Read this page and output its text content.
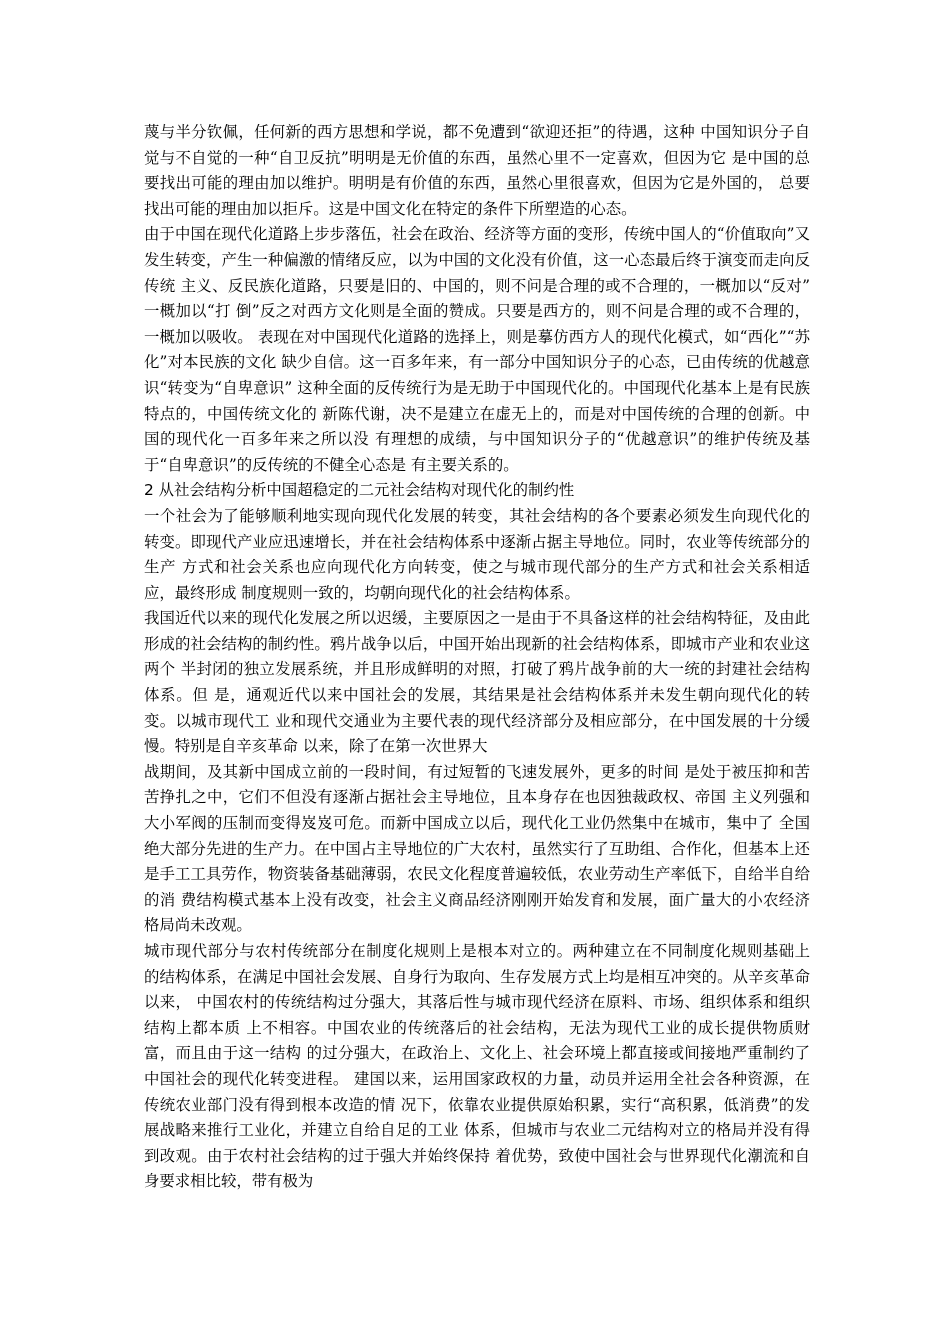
蔑与半分钦佩，任何新的西方思想和学说，都不免遭到“欲迎还拒”的待遇，这种 中国知识分子自觉与不自觉的一种“自卫反抗”明明是无价值的东西，虽然心里不一定喜欢，但因为它 是中国的总要找出可能的理由加以维护。明明是有价值的东西，虽然心里很喜欢，但因为它是外国的， 总要找出可能的理由加以拒斥。这是中国文化在特定的条件下所塑造的心态。

由于中国在现代化道路上步步落伍，社会在政治、经济等方面的变形，传统中国人的“价值取向”又 发生转变，产生一种偏激的情绪反应，以为中国的文化没有价值，这一心态最后终于演变而走向反传统 主义、反民族化道路，只要是旧的、中国的，则不问是合理的或不合理的，一概加以“反对” 一概加以“打 倒”反之对西方文化则是全面的赞成。只要是西方的，则不问是合理的或不合理的，一概加以吸收。 表现在对中国现代化道路的选择上，则是摹仿西方人的现代化模式，如“西化”“苏化”对本民族的文化 缺少自信。这一百多年来，有一部分中国知识分子的心态，已由传统的优越意识“转变为“自卑意识” 这种全面的反传统行为是无助于中国现代化的。中国现代化基本上是有民族特点的，中国传统文化的 新陈代谢，决不是建立在虚无上的，而是对中国传统的合理的创新。中国的现代化一百多年来之所以没 有理想的成绩，与中国知识分子的“优越意识”的维护传统及基于“自卑意识”的反传统的不健全心态是 有主要关系的。

2 从社会结构分析中国超稳定的二元社会结构对现代化的制约性

一个社会为了能够顺利地实现向现代化发展的转变，其社会结构的各个要素必须发生向现代化的 转变。即现代产业应迅速增长，并在社会结构体系中逐渐占据主导地位。同时，农业等传统部分的生产 方式和社会关系也应向现代化方向转变，使之与城市现代部分的生产方式和社会关系相适应，最终形成 制度规则一致的，均朝向现代化的社会结构体系。

我国近代以来的现代化发展之所以迟缓，主要原因之一是由于不具备这样的社会结构特征，及由此 形成的社会结构的制约性。鸦片战争以后，中国开始出现新的社会结构体系，即城市产业和农业这两个 半封闭的独立发展系统，并且形成鲜明的对照，打破了鸦片战争前的大一统的封建社会结构体系。但 是，通观近代以来中国社会的发展，其结果是社会结构体系并未发生朝向现代化的转变。以城市现代工 业和现代交通业为主要代表的现代经济部分及相应部分，在中国发展的十分缓慢。特别是自辛亥革命 以来，除了在第一次世界大

战期间，及其新中国成立前的一段时间，有过短暂的飞速发展外，更多的时间 是处于被压抑和苦苦挣扎之中，它们不但没有逐渐占据社会主导地位，且本身存在也因独裁政权、帝国 主义列强和大小军阀的压制而变得岌岌可危。而新中国成立以后，现代化工业仍然集中在城市，集中了 全国绝大部分先进的生产力。在中国占主导地位的广大农村，虽然实行了互助组、合作化，但基本上还 是手工工具劳作，物资装备基础薄弱，农民文化程度普遍较低，农业劳动生产率低下，自给半自给的消 费结构模式基本上没有改变，社会主义商品经济刚刚开始发育和发展，面广量大的小农经济格局尚未改观。

城市现代部分与农村传统部分在制度化规则上是根本对立的。两种建立在不同制度化规则基础上 的结构体系，在满足中国社会发展、自身行为取向、生存发展方式上均是相互冲突的。从辛亥革命以来， 中国农村的传统结构过分强大，其落后性与城市现代经济在原料、市场、组织体系和组织结构上都本质 上不相容。中国农业的传统落后的社会结构，无法为现代工业的成长提供物质财富，而且由于这一结构 的过分强大，在政治上、文化上、社会环境上都直接或间接地严重制约了中国社会的现代化转变进程。 建国以来，运用国家政权的力量，动员并运用全社会各种资源，在传统农业部门没有得到根本改造的情 况下，依靠农业提供原始积累，实行“高积累，低消费”的发展战略来推行工业化，并建立自给自足的工业 体系，但城市与农业二元结构对立的格局并没有得到改观。由于农村社会结构的过于强大并始终保持 着优势，致使中国社会与世界现代化潮流和自身要求相比较，带有极为
